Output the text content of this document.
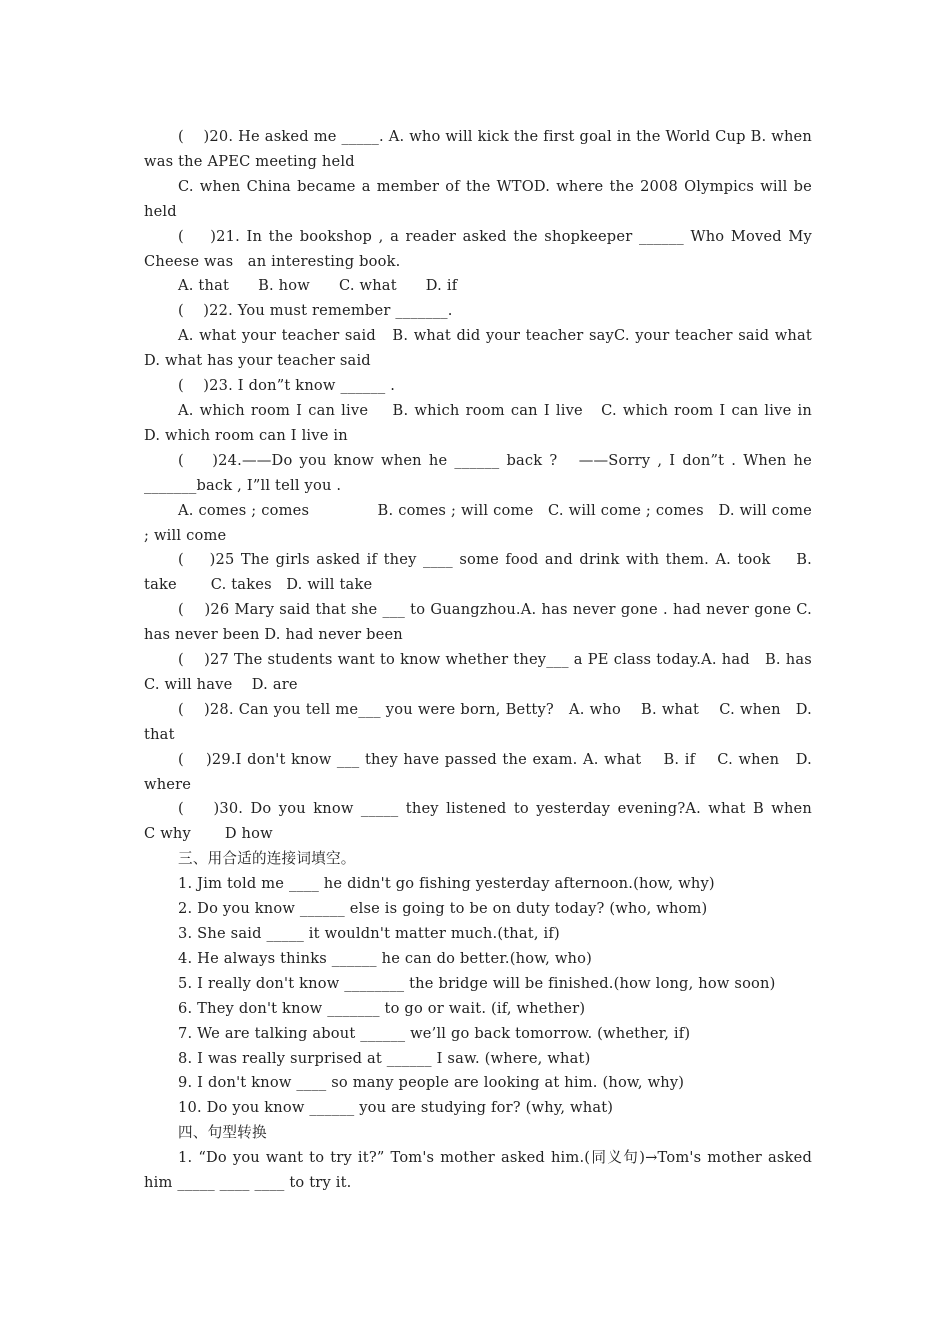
(    )20. He asked me _____. A. who will kick the first goal in the World Cup B. when was the APEC meeting held

C. when China became a member of the WTOD. where the 2008 Olympics will be held

(    )21. In the bookshop , a reader asked the shopkeeper ______ Who Moved My Cheese was   an interesting book.

A. that      B. how      C. what      D. if

(    )22. You must remember _______.

A. what your teacher said   B. what did your teacher sayC. your teacher said what   D. what has your teacher said

(    )23. I don”t know ______ .

A. which room I can live    B. which room can I live   C. which room I can live in   D. which room can I live in

(    )24.——Do you know when he ______ back ?   ——Sorry , I don”t . When he _______back , I”ll tell you .

A. comes ; comes              B. comes ; will come   C. will come ; comes   D. will come ; will come

(    )25 The girls asked if they ____ some food and drink with them. A. took    B. take       C. takes   D. will take

(    )26 Mary said that she ___ to Guangzhou.A. has never gone . had never gone C. has never been D. had never been

(    )27 The students want to know whether they___ a PE class today.A. had   B. has    C. will have    D. are

(    )28. Can you tell me___ you were born, Betty?   A. who    B. what    C. when   D. that

(    )29.I don't know ___ they have passed the exam. A. what    B. if    C. when   D. where

(    )30. Do you know _____ they listened to yesterday evening?A. what B when       C why       D how

三、用合适的连接词填空。

1. Jim told me ____ he didn't go fishing yesterday afternoon.(how, why)

2. Do you know ______ else is going to be on duty today? (who, whom)

3. She said _____ it wouldn't matter much.(that, if)

4. He always thinks ______ he can do better.(how, who)

5. I really don't know ________ the bridge will be finished.(how long, how soon)

6. They don't know _______ to go or wait. (if, whether)

7. We are talking about ______ we’ll go back tomorrow. (whether, if)

8. I was really surprised at ______ I saw. (where, what)

9. I don't know ____ so many people are looking at him. (how, why)

10. Do you know ______ you are studying for? (why, what)

四、句型转换

1. “Do you want to try it?” Tom's mother asked him.(同义句)→Tom's mother asked him _____ ____ ____ to try it.
